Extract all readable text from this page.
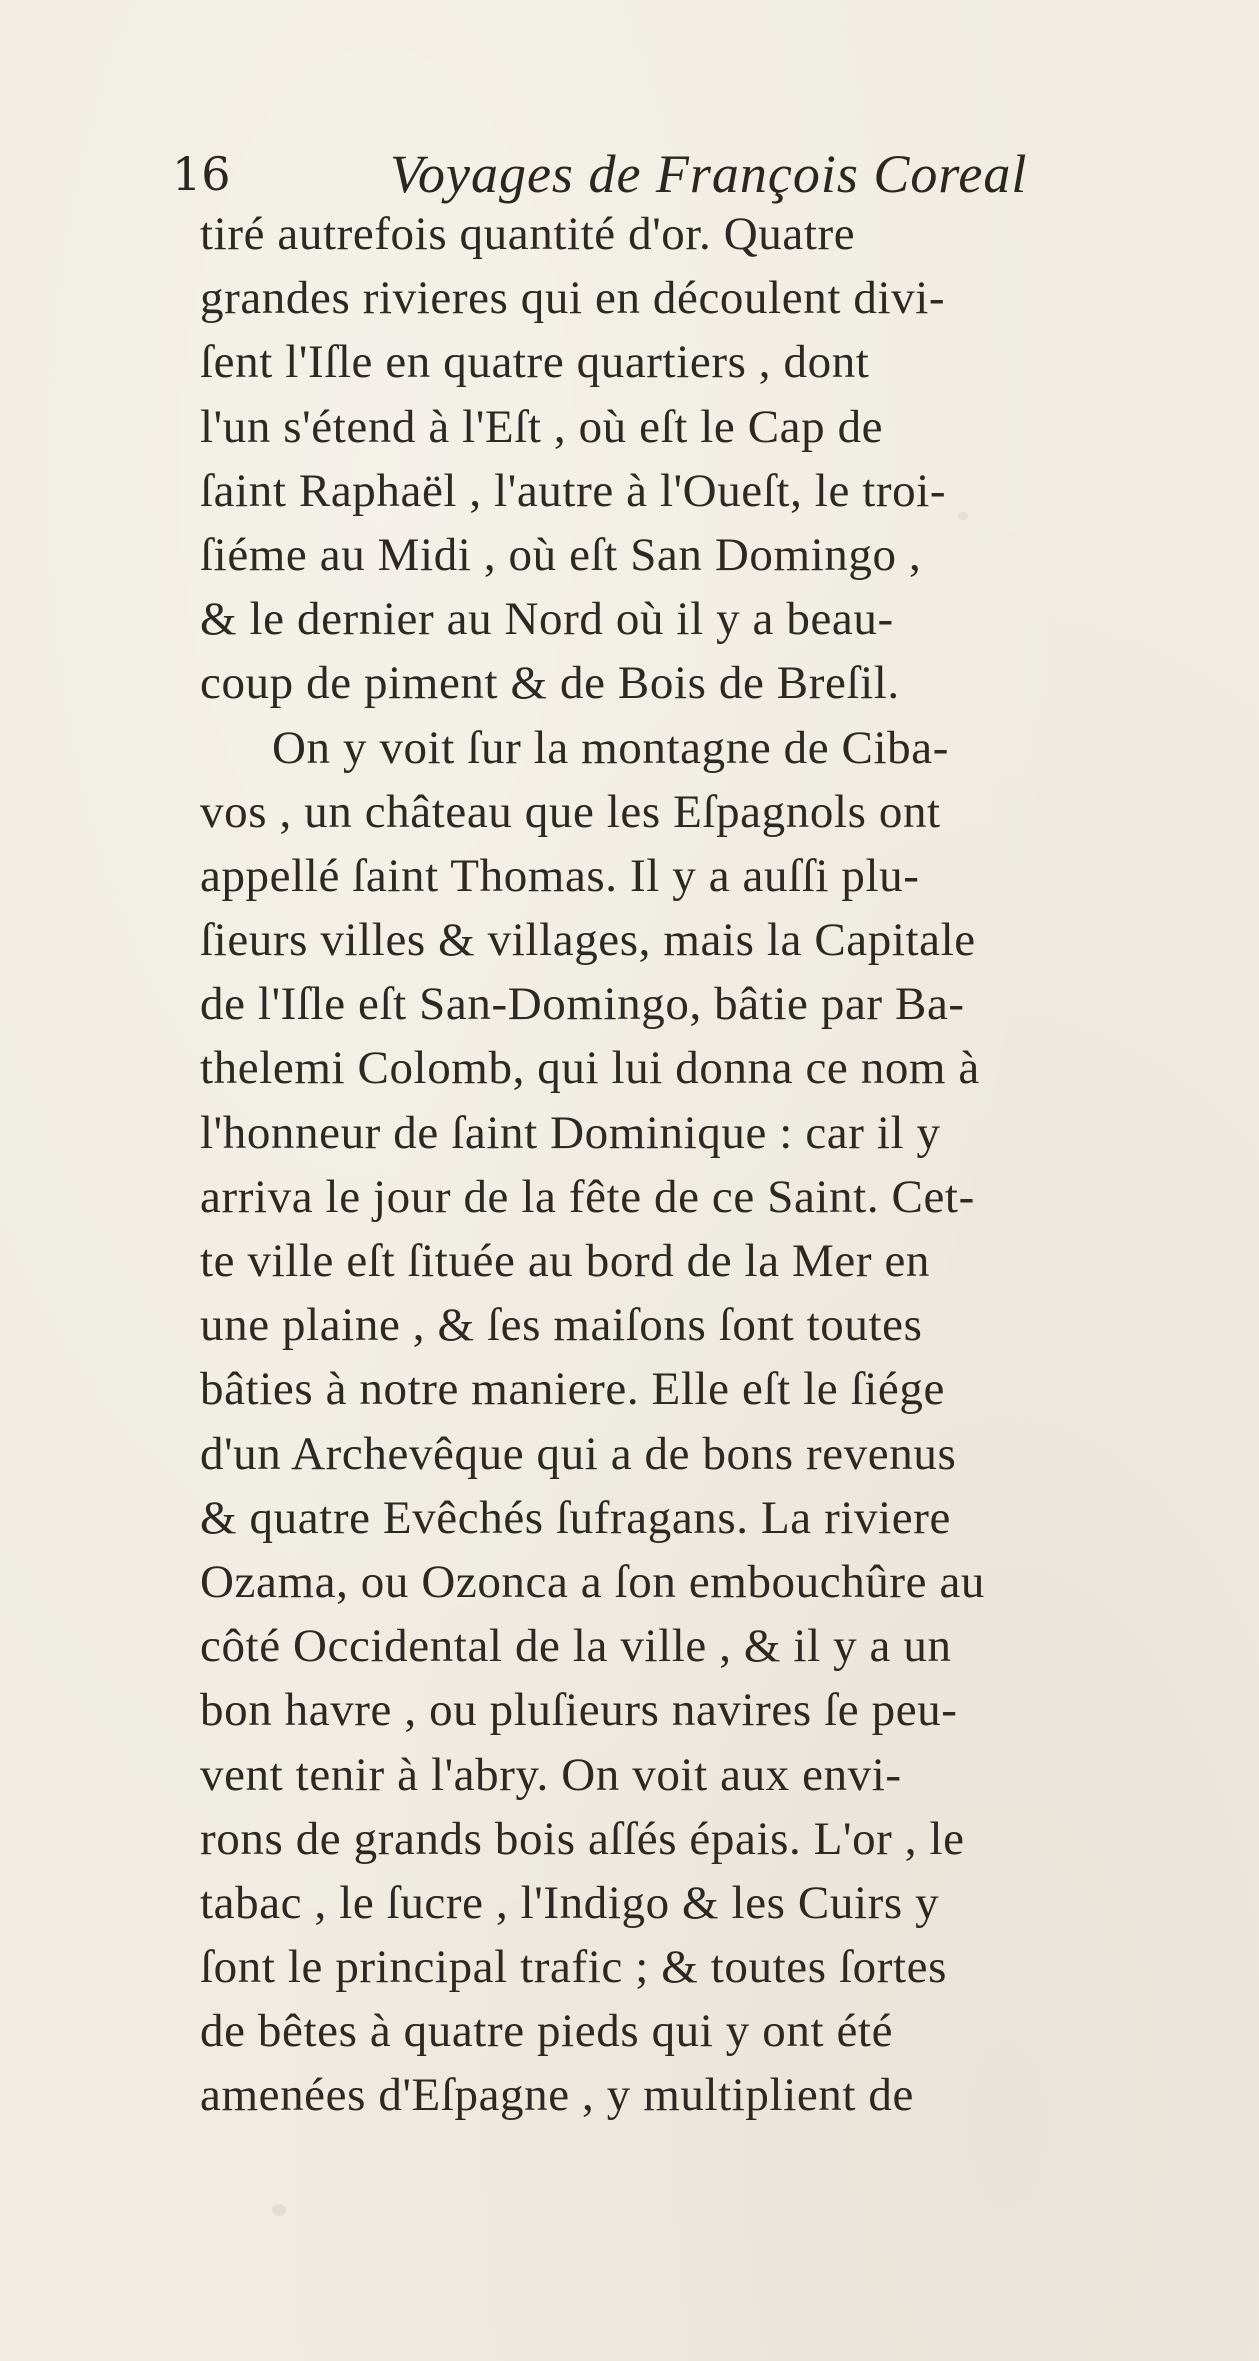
16	Voyages de François Coreal
tiré autrefois quantité d'or. Quatre
grandes rivieres qui en découlent divi-
ſent l'Iſle en quatre quartiers , dont
l'un s'étend à l'Eſt , où eſt le Cap de
ſaint Raphaël , l'autre à l'Oueſt, le troi-
ſiéme au Midi , où eſt San Domingo ,
& le dernier au Nord où il y a beau-
coup de piment & de Bois de Breſil.
On y voit ſur la montagne de Ciba-
vos , un château que les Eſpagnols ont
appellé ſaint Thomas. Il y a auſſi plu-
ſieurs villes & villages, mais la Capitale
de l'Iſle eſt San-Domingo, bâtie par Ba-
thelemi Colomb, qui lui donna ce nom à
l'honneur de ſaint Dominique : car il y
arriva le jour de la fête de ce Saint. Cet-
te ville eſt ſituée au bord de la Mer en
une plaine , & ſes maiſons ſont toutes
bâties à notre maniere. Elle eſt le ſiége
d'un Archevêque qui a de bons revenus
& quatre Evêchés ſufragans. La riviere
Ozama, ou Ozonca a ſon embouchûre au
côté Occidental de la ville , & il y a un
bon havre , ou pluſieurs navires ſe peu-
vent tenir à l'abry. On voit aux envi-
rons de grands bois aſſés épais. L'or , le
tabac , le ſucre , l'Indigo & les Cuirs y
ſont le principal trafic ; & toutes ſortes
de bêtes à quatre pieds qui y ont été
amenées d'Eſpagne , y multiplient de
